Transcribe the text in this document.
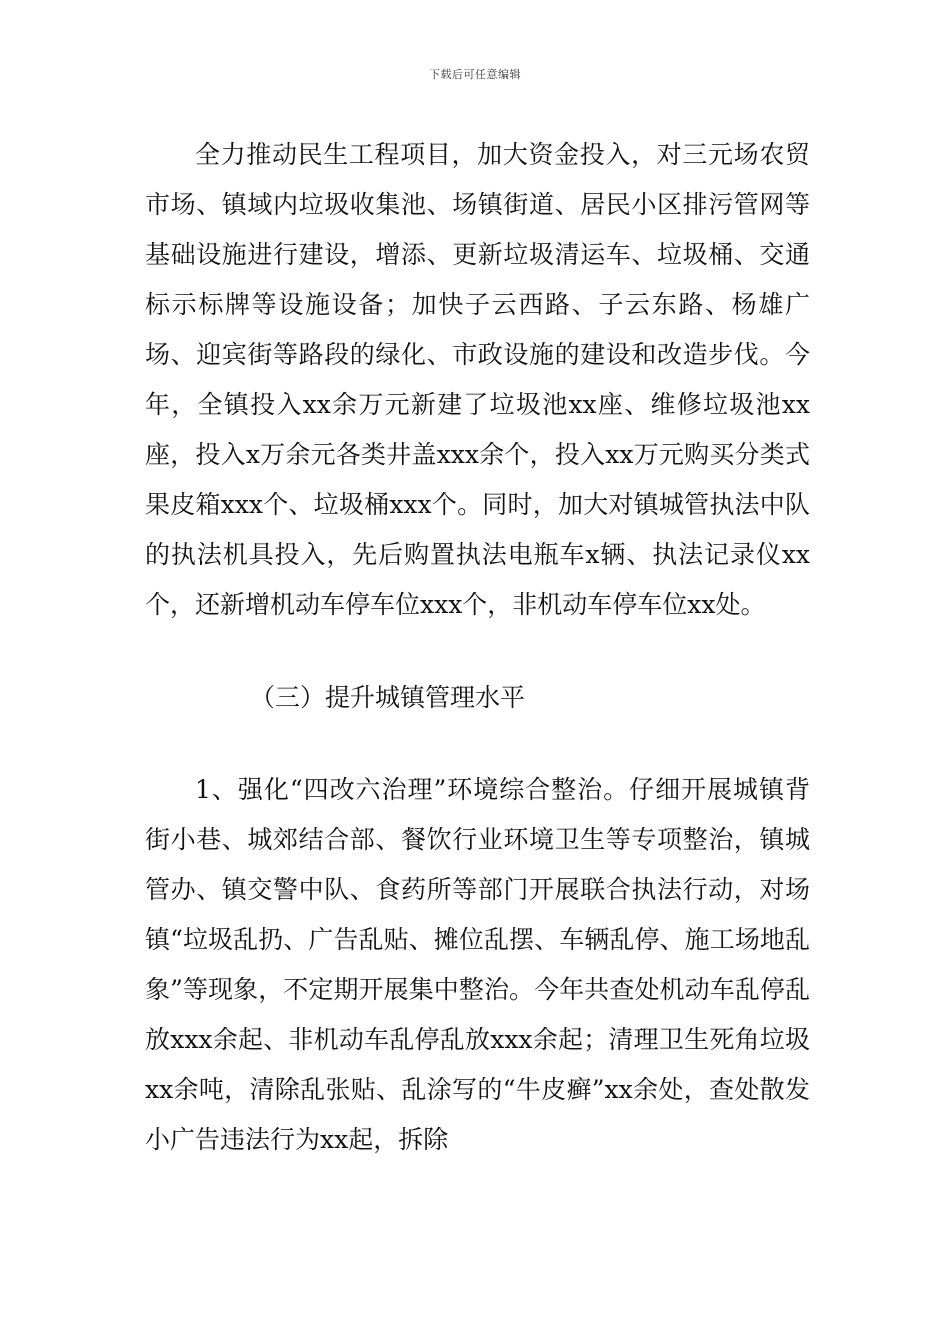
下载后可任意编辑

全力推动民生工程项目，加大资金投入，对三元场农贸市场、镇域内垃圾收集池、场镇街道、居民小区排污管网等基础设施进行建设，增添、更新垃圾清运车、垃圾桶、交通标示标牌等设施设备；加快子云西路、子云东路、杨雄广场、迎宾街等路段的绿化、市政设施的建设和改造步伐。今年，全镇投入xx余万元新建了垃圾池xx座、维修垃圾池xx座，投入x万余元各类井盖xxx余个，投入xx万元购买分类式果皮箱xxx个、垃圾桶xxx个。同时，加大对镇城管执法中队的执法机具投入，先后购置执法电瓶车x辆、执法记录仪xx个，还新增机动车停车位xxx个，非机动车停车位xx处。

（三）提升城镇管理水平

1、强化“四改六治理”环境综合整治。仔细开展城镇背街小巷、城郊结合部、餐饮行业环境卫生等专项整治，镇城管办、镇交警中队、食药所等部门开展联合执法行动，对场镇“垃圾乱扔、广告乱贴、摊位乱摆、车辆乱停、施工场地乱象”等现象，不定期开展集中整治。今年共查处机动车乱停乱放xxx余起、非机动车乱停乱放xxx余起；清理卫生死角垃圾xx余吨，清除乱张贴、乱涂写的“牛皮癣”xx余处，查处散发小广告违法行为xx起，拆除
